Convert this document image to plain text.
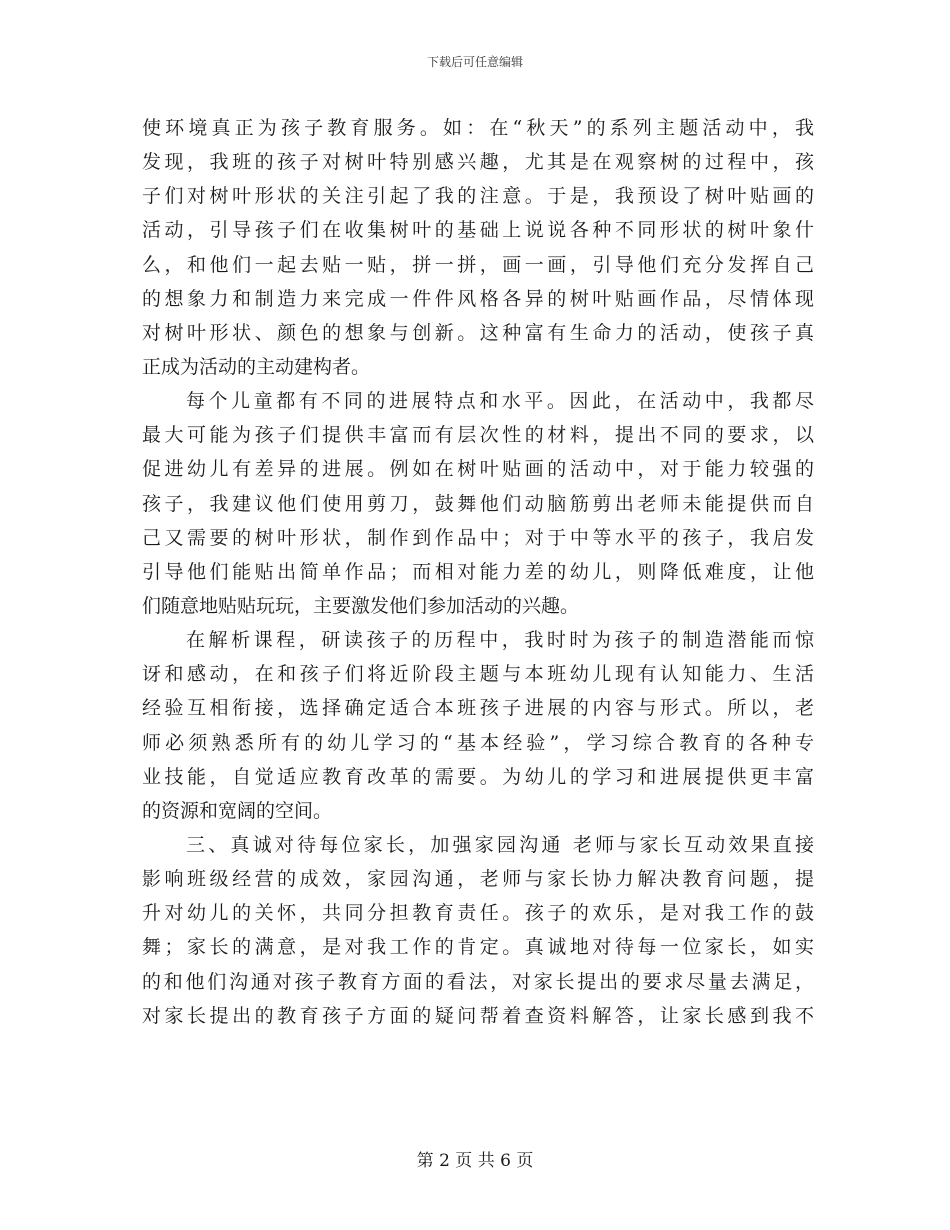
下载后可任意编辑
使环境真正为孩子教育服务。如：在“秋天”的系列主题活动中，我
发现，我班的孩子对树叶特别感兴趣，尤其是在观察树的过程中，孩
子们对树叶形状的关注引起了我的注意。于是，我预设了树叶贴画的
活动，引导孩子们在收集树叶的基础上说说各种不同形状的树叶象什
么，和他们一起去贴一贴，拼一拼，画一画，引导他们充分发挥自己
的想象力和制造力来完成一件件风格各异的树叶贴画作品，尽情体现
对树叶形状、颜色的想象与创新。这种富有生命力的活动，使孩子真
正成为活动的主动建构者。
每个儿童都有不同的进展特点和水平。因此，在活动中，我都尽
最大可能为孩子们提供丰富而有层次性的材料，提出不同的要求，以
促进幼儿有差异的进展。例如在树叶贴画的活动中，对于能力较强的
孩子，我建议他们使用剪刀，鼓舞他们动脑筋剪出老师未能提供而自
己又需要的树叶形状，制作到作品中；对于中等水平的孩子，我启发
引导他们能贴出简单作品；而相对能力差的幼儿，则降低难度，让他
们随意地贴贴玩玩，主要激发他们参加活动的兴趣。
在解析课程，研读孩子的历程中，我时时为孩子的制造潜能而惊
讶和感动，在和孩子们将近阶段主题与本班幼儿现有认知能力、生活
经验互相衔接，选择确定适合本班孩子进展的内容与形式。所以，老
师必须熟悉所有的幼儿学习的“基本经验”，学习综合教育的各种专
业技能，自觉适应教育改革的需要。为幼儿的学习和进展提供更丰富
的资源和宽阔的空间。
三、真诚对待每位家长，加强家园沟通 老师与家长互动效果直接
影响班级经营的成效，家园沟通，老师与家长协力解决教育问题，提
升对幼儿的关怀，共同分担教育责任。孩子的欢乐，是对我工作的鼓
舞；家长的满意，是对我工作的肯定。真诚地对待每一位家长，如实
的和他们沟通对孩子教育方面的看法，对家长提出的要求尽量去满足，
对家长提出的教育孩子方面的疑问帮着查资料解答，让家长感到我不
第 2 页 共 6 页
